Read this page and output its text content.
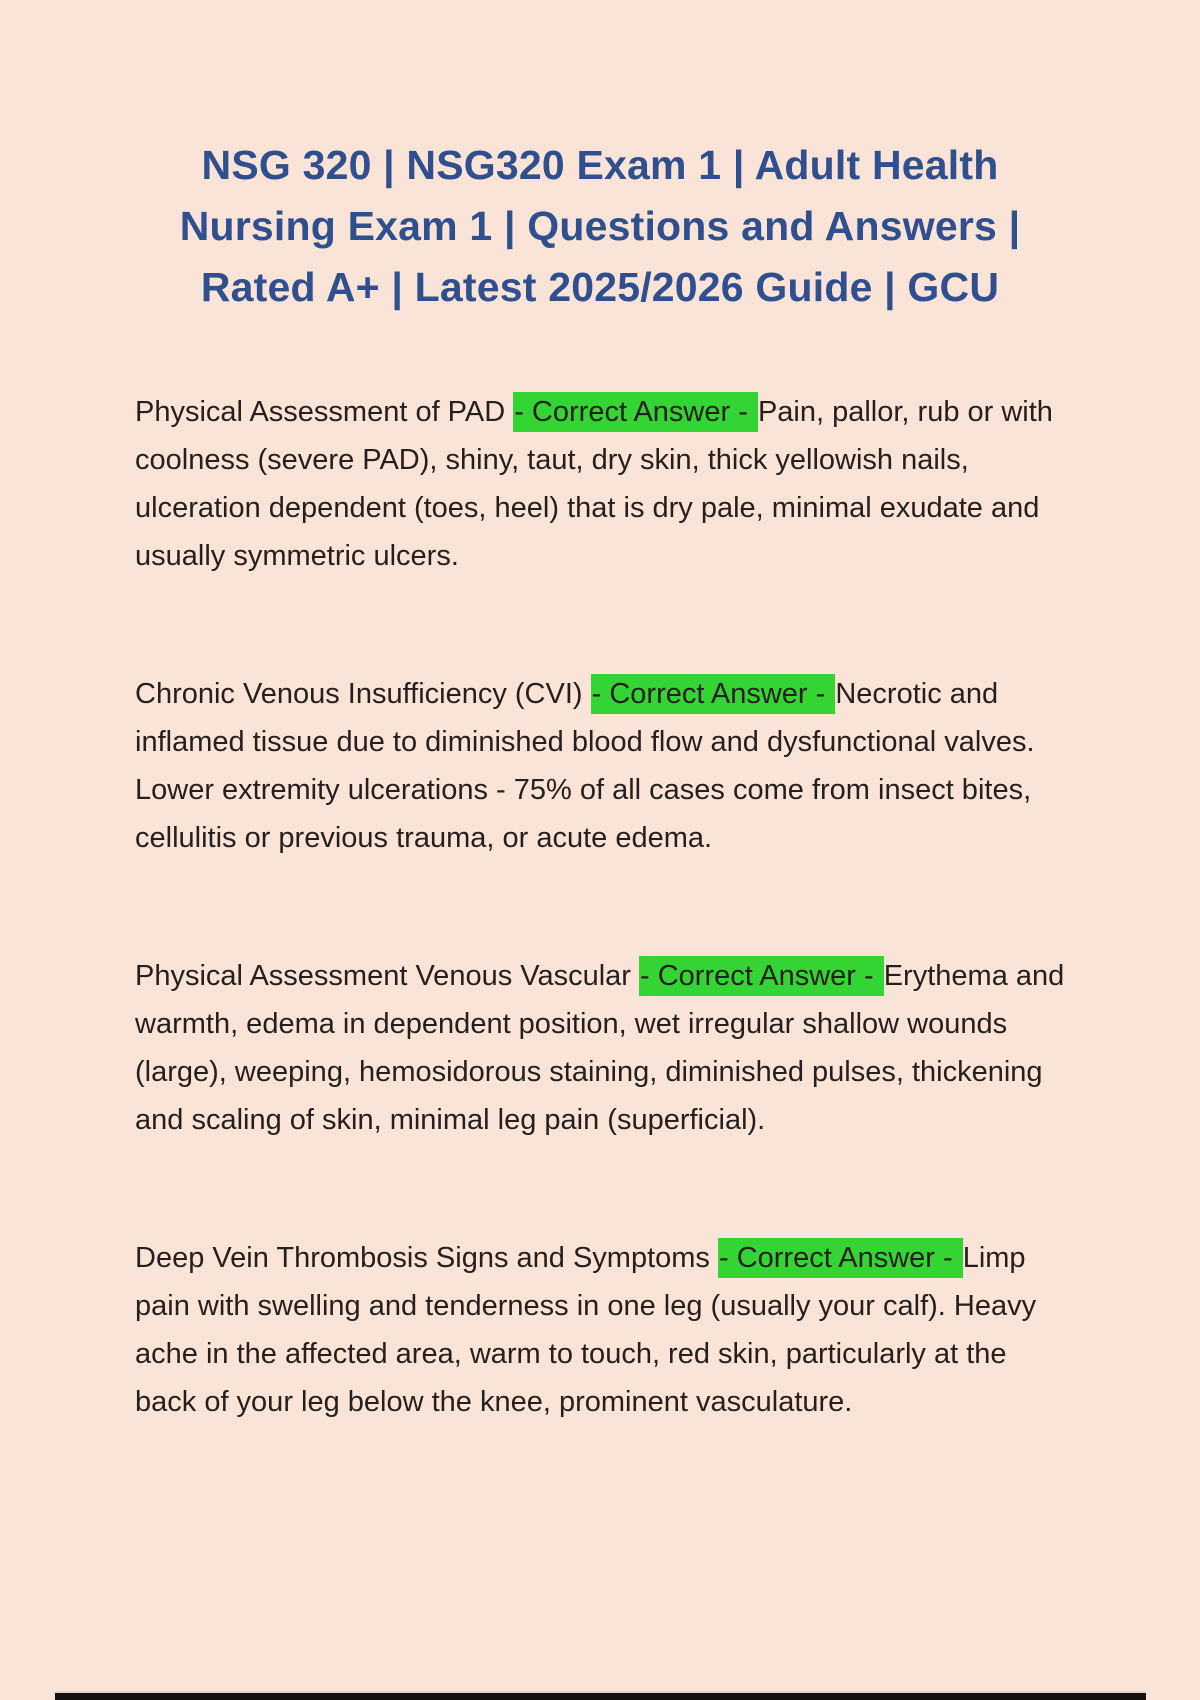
NSG 320 | NSG320 Exam 1 | Adult Health Nursing Exam 1 | Questions and Answers | Rated A+ | Latest 2025/2026 Guide | GCU

Physical Assessment of PAD - Correct Answer - Pain, pallor, rub or with coolness (severe PAD), shiny, taut, dry skin, thick yellowish nails, ulceration dependent (toes, heel) that is dry pale, minimal exudate and usually symmetric ulcers.

Chronic Venous Insufficiency (CVI) - Correct Answer - Necrotic and inflamed tissue due to diminished blood flow and dysfunctional valves. Lower extremity ulcerations - 75% of all cases come from insect bites, cellulitis or previous trauma, or acute edema.

Physical Assessment Venous Vascular - Correct Answer - Erythema and warmth, edema in dependent position, wet irregular shallow wounds (large), weeping, hemosidorous staining, diminished pulses, thickening and scaling of skin, minimal leg pain (superficial).

Deep Vein Thrombosis Signs and Symptoms - Correct Answer - Limp pain with swelling and tenderness in one leg (usually your calf). Heavy ache in the affected area, warm to touch, red skin, particularly at the back of your leg below the knee, prominent vasculature.
